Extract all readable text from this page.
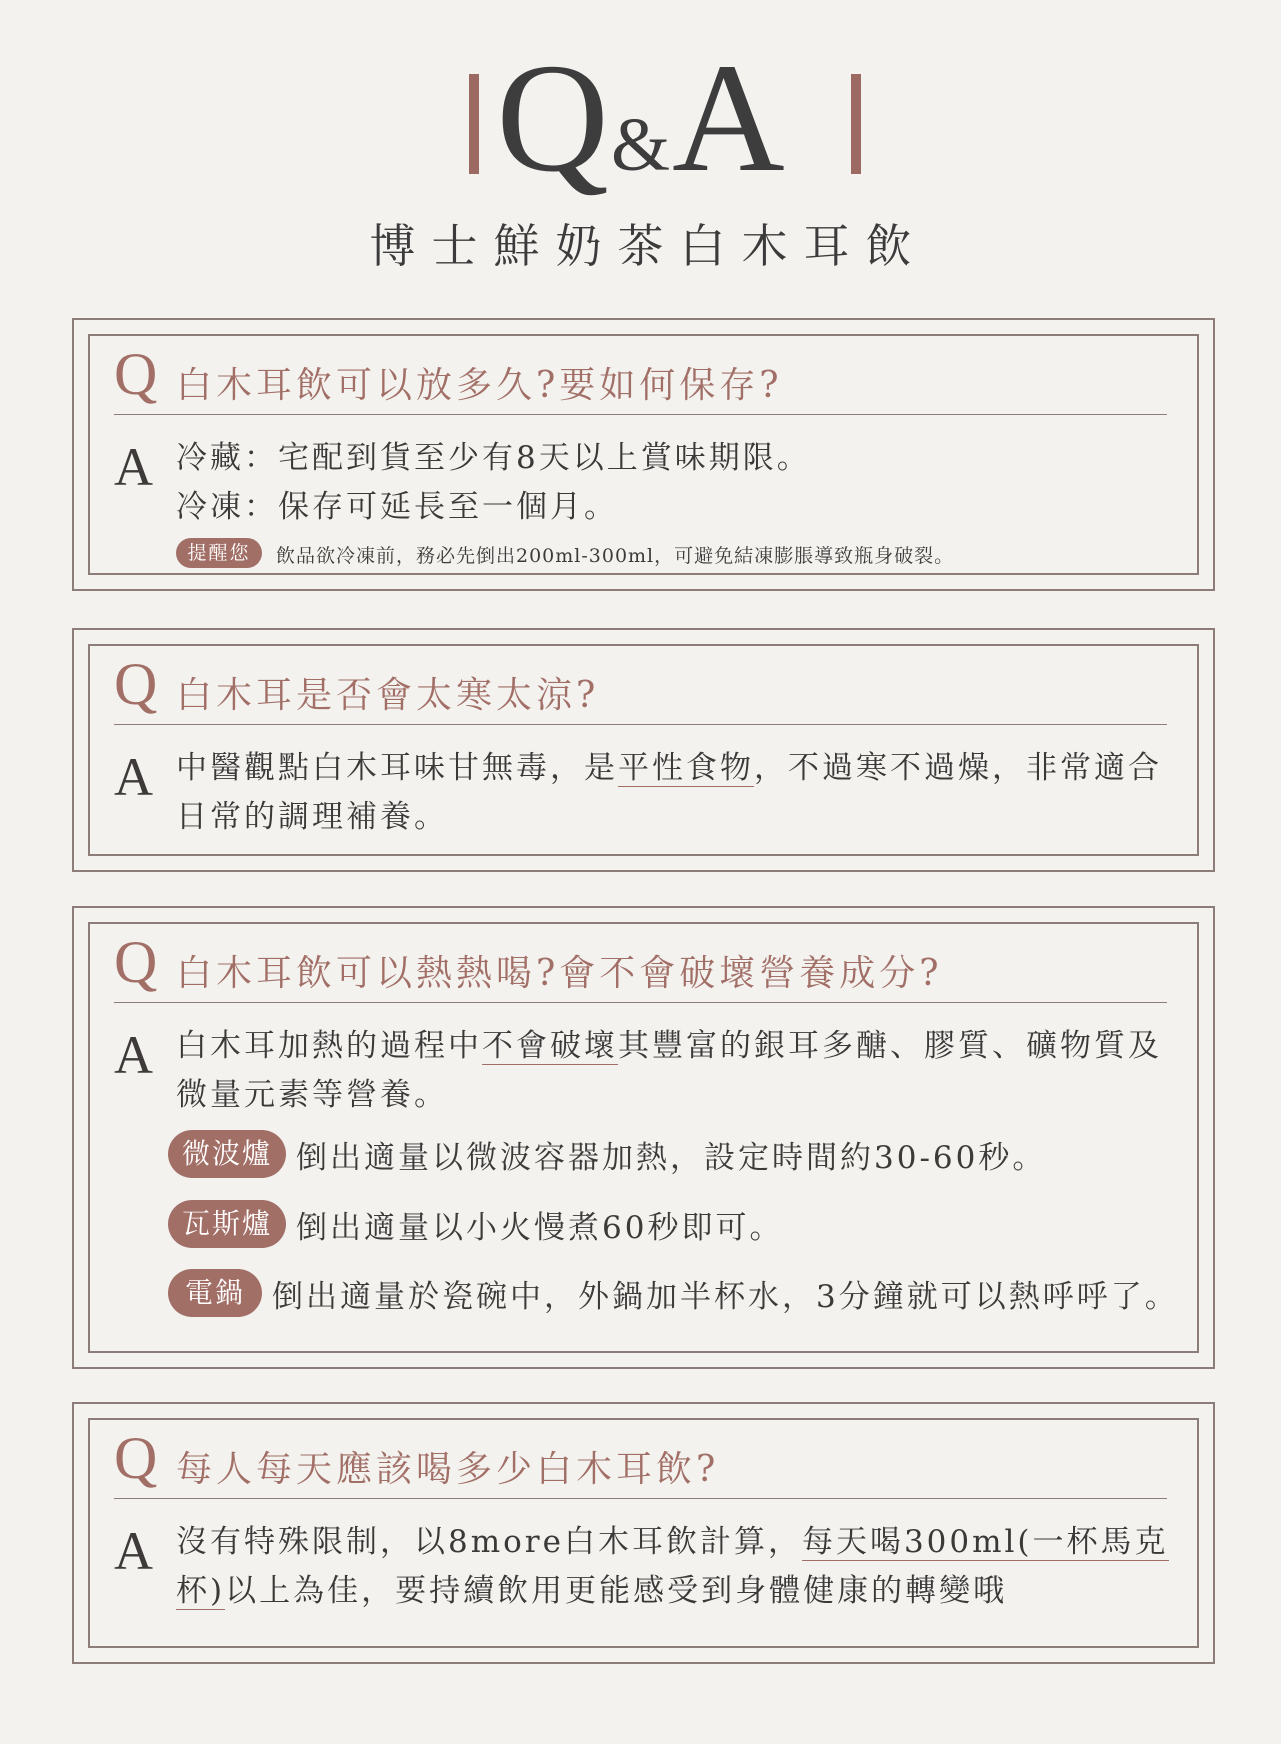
Q&A
博士鮮奶茶白木耳飲
Q 白木耳飲可以放多久?要如何保存?
A 冷藏：宅配到貨至少有8天以上賞味期限。
冷凍：保存可延長至一個月。
提醒您 飲品欲冷凍前，務必先倒出200ml-300ml，可避免結凍膨脹導致瓶身破裂。
Q 白木耳是否會太寒太涼?
A 中醫觀點白木耳味甘無毒，是平性食物，不過寒不過燥，非常適合
日常的調理補養。
Q 白木耳飲可以熱熱喝?會不會破壞營養成分?
A 白木耳加熱的過程中不會破壞其豐富的銀耳多醣、膠質、礦物質及
微量元素等營養。
微波爐 倒出適量以微波容器加熱，設定時間約30-60秒。
瓦斯爐 倒出適量以小火慢煮60秒即可。
電鍋 倒出適量於瓷碗中，外鍋加半杯水，3分鐘就可以熱呼呼了。
Q 每人每天應該喝多少白木耳飲?
A 沒有特殊限制，以8more白木耳飲計算，每天喝300ml(一杯馬克
杯)以上為佳，要持續飲用更能感受到身體健康的轉變哦
